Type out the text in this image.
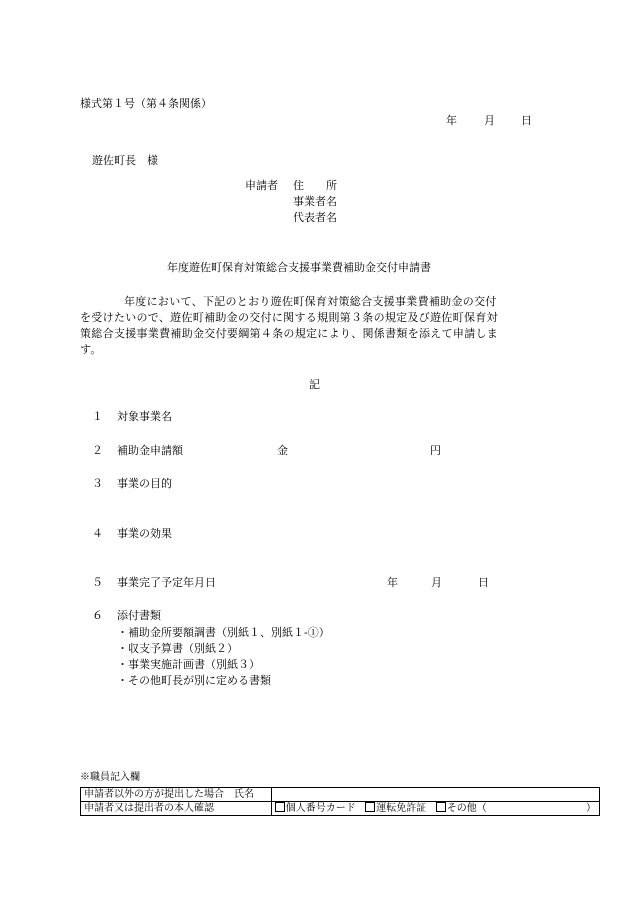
様式第１号（第４条関係）
年 月 日
遊佐町長　様
申請者 住　　所
事業者名
代表者名
年度遊佐町保育対策総合支援事業費補助金交付申請書
年度において、下記のとおり遊佐町保育対策総合支援事業費補助金の交付
を受けたいので、遊佐町補助金の交付に関する規則第３条の規定及び遊佐町保育対
策総合支援事業費補助金交付要綱第４条の規定により、関係書類を添えて申請しま
す。
記
１ 対象事業名
２ 補助金申請額	金	円
３ 事業の目的
４ 事業の効果
５ 事業完了予定年月日	年	月	日
６ 添付書類
・補助金所要額調書（別紙１、別紙１-①）
・収支予算書（別紙２）
・事業実施計画書（別紙３）
・その他町長が別に定める書類
※職員記入欄
申請者以外の方が提出した場合　氏名	
申請者又は提出者の本人確認	個人番号カード 運転免許証 その他（ ）
